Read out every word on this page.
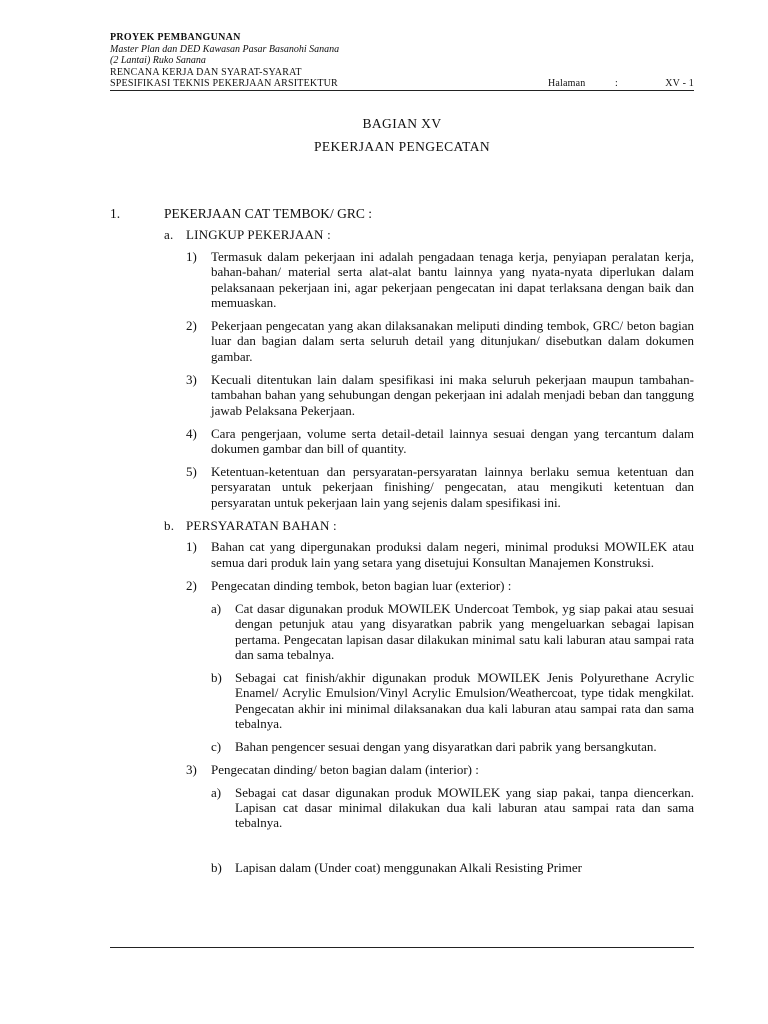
PROYEK PEMBANGUNAN
Master Plan dan DED Kawasan Pasar Basanohi Sanana
(2 Lantai) Ruko Sanana
RENCANA KERJA DAN SYARAT-SYARAT
SPESIFIKASI TEKNIS PEKERJAAN ARSITEKTUR	Halaman	:	XV - 1
BAGIAN XV
PEKERJAAN PENGECATAN
1.	PEKERJAAN CAT TEMBOK/ GRC :
a. LINGKUP PEKERJAAN :
1) Termasuk dalam pekerjaan ini adalah pengadaan tenaga kerja, penyiapan peralatan kerja, bahan-bahan/ material serta alat-alat bantu lainnya yang nyata-nyata diperlukan dalam pelaksanaan pekerjaan ini, agar pekerjaan pengecatan ini dapat terlaksana dengan baik dan memuaskan.

2) Pekerjaan pengecatan yang akan dilaksanakan meliputi dinding tembok, GRC/ beton bagian luar dan bagian dalam serta seluruh detail yang ditunjukan/ disebutkan dalam dokumen gambar.

3) Kecuali ditentukan lain dalam spesifikasi ini maka seluruh pekerjaan maupun tambahan- tambahan bahan yang sehubungan dengan pekerjaan ini adalah menjadi beban dan tanggung jawab Pelaksana Pekerjaan.

4) Cara pengerjaan, volume serta detail-detail lainnya sesuai dengan yang tercantum dalam dokumen gambar dan bill of quantity.

5) Ketentuan-ketentuan dan persyaratan-persyaratan lainnya berlaku semua ketentuan dan persyaratan untuk pekerjaan finishing/ pengecatan, atau mengikuti ketentuan dan persyaratan untuk pekerjaan lain yang sejenis dalam spesifikasi ini.

b. PERSYARATAN BAHAN :
1) Bahan cat yang dipergunakan produksi dalam negeri, minimal produksi MOWILEK atau semua dari produk lain yang setara yang disetujui Konsultan Manajemen Konstruksi.

2) Pengecatan dinding tembok, beton bagian luar (exterior) :

a) Cat dasar digunakan produk MOWILEK Undercoat Tembok, yg siap pakai atau sesuai dengan petunjuk atau yang disyaratkan pabrik yang mengeluarkan sebagai lapisan pertama. Pengecatan lapisan dasar dilakukan minimal satu kali laburan atau sampai rata dan sama tebalnya.

b) Sebagai cat finish/akhir digunakan produk MOWILEK Jenis Polyurethane Acrylic Enamel/ Acrylic Emulsion/Vinyl Acrylic Emulsion/Weathercoat, type tidak mengkilat. Pengecatan akhir ini minimal dilaksanakan dua kali laburan atau sampai rata dan sama tebalnya.

c) Bahan pengencer sesuai dengan yang disyaratkan dari pabrik yang bersangkutan.

3) Pengecatan dinding/ beton bagian dalam (interior) :

a) Sebagai cat dasar digunakan produk MOWILEK yang siap pakai, tanpa diencerkan. Lapisan cat dasar minimal dilakukan dua kali laburan atau sampai rata dan sama tebalnya.

b) Lapisan dalam (Under coat) menggunakan Alkali Resisting Primer
